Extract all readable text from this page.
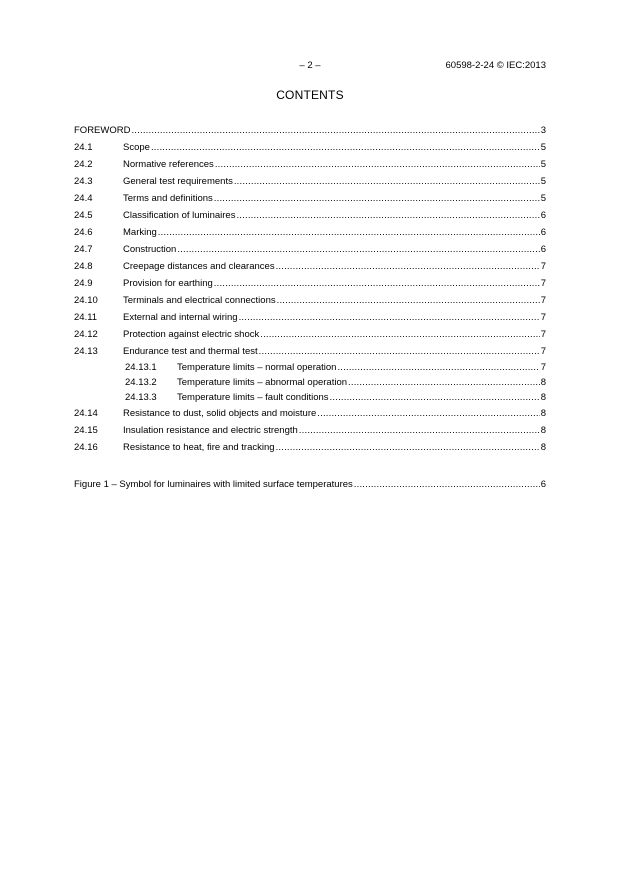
– 2 –	60598-2-24 © IEC:2013
CONTENTS
FOREWORD .....	3
24.1	Scope .....	5
24.2	Normative references .....	5
24.3	General test requirements .....	5
24.4	Terms and definitions .....	5
24.5	Classification of luminaires .....	6
24.6	Marking .....	6
24.7	Construction .....	6
24.8	Creepage distances and clearances .....	7
24.9	Provision for earthing .....	7
24.10	Terminals and electrical connections .....	7
24.11	External and internal wiring .....	7
24.12	Protection against electric shock .....	7
24.13	Endurance test and thermal test .....	7
24.13.1 Temperature limits – normal operation .....	7
24.13.2 Temperature limits – abnormal operation .....	8
24.13.3 Temperature limits – fault conditions .....	8
24.14	Resistance to dust, solid objects and moisture .....	8
24.15	Insulation resistance and electric strength .....	8
24.16	Resistance to heat, fire and tracking .....	8
Figure 1 – Symbol for luminaires with limited surface temperatures .....	6
